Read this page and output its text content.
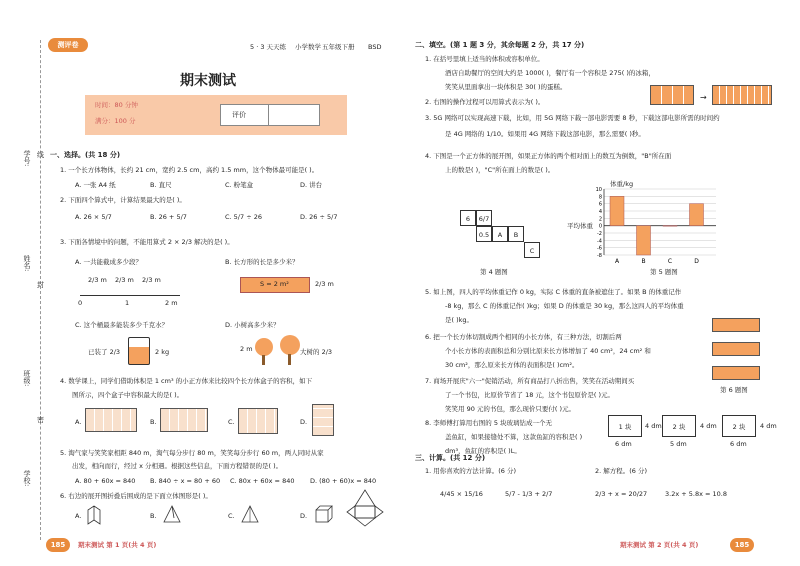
学号:
姓名:
班级:
学校:
线
封
密
测评卷	5 · 3 天天练 小学数学 五年级下册 BSD
期末测试
时间：80 分钟
满分：100 分
评价
一、选择。(共 18 分)
1. 一个长方体物体，长约 21 cm，宽约 2.5 cm，高约 1.5 mm，这个物体最可能是( )。
A. 一张 A4 纸	B. 直尺	C. 粉笔盒	D. 讲台
2. 下面四个算式中，计算结果最大的是( )。
A. 26 × 5/7	B. 26 + 5/7	C. 5/7 ÷ 26	D. 26 ÷ 5/7
3. 下面各情境中的问题，不能用算式 2 × 2/3 解决的是( )。
A. 一共能截成多少段？	B. 长方形的长是多少米？
2/3 m 2/3 m 2/3 m
0	1	2 m
S = 2 m²	2/3 m
C. 这个桶最多能装多少千克水？	D. 小树高多少米？
已装了 2/3	2 kg	2 m	大树的 2/3
4. 数学课上，同学们借助体积是 1 cm³ 的小正方体来比较四个长方体盒子的容积，如下
图所示，四个盒子中容积最大的是( )。
A.	B.	C.	D.
5. 淘气家与笑笑家相距 840 m，淘气每分步行 80 m，笑笑每分步行 60 m，两人同时从家
出发，相向而行，经过 x 分相遇。根据这些信息，下面方程错误的是( )。
A. 80 + 60x = 840 B. 840 ÷ x = 80 + 60 C. 80x + 60x = 840 D. (80 + 60)x = 840
6. 右边的展开图折叠后围成的是下面立体图形是( )。
A.	B.	C.	D.
185	期末测试 第 1 页(共 4 页)
二、填空。(第 1 题 3 分，其余每题 2 分，共 17 分)
1. 在括号里填上适当的体积或容积单位。
酒店自助餐厅的空间大约是 1000( )，餐厅有一个容积是 275( )的冰箱，
笑笑从里面拿出一块体积是 30( )的蛋糕。
2. 右图的操作过程可以用算式表示为( )。	→
3. 5G 网络可以实现高速下载，比如，用 5G 网络下载一部电影需要 8 秒，下载这部电影所需的时间约
是 4G 网络的 1/10。如果用 4G 网络下载这部电影，那么需要( )秒。
4. 下图是一个正方体的展开图，如果正方体的两个相对面上的数互为倒数，"B"所在面
上的数是( )，"C"所在面上的数是( )。
6	6/7
0.5	A	B
C
第 4 题图
体重/kg
平均体重
10
8
6
4
2
0
-2
-4
-6
-8
A	B	C	D
第 5 题图
5. 如上图，四人的平均体重记作 0 kg，实际 C 体重的直条被遮住了。如果 B 的体重记作
-8 kg，那么 C 的体重记作( )kg；如果 D 的体重是 30 kg，那么这四人的平均体重
是( )kg。
6. 把一个长方体切割成两个相同的小长方体，有三种方法，切割后两
个小长方体的表面积总和分别比原来长方体增加了 40 cm²，24 cm² 和
30 cm²，那么原来长方体的表面积是( )cm²。
第 6 题图
7. 商场开展庆"六一"促销活动，所有商品打八折出售，笑笑在活动期间买
了一个书包，比原价节省了 18 元，这个书包原价是( )元。
笑笑用 90 元的书包，那么现价只要付( )元。
8. 李师傅打算用右图的 5 块玻璃钻成一个无
盖鱼缸，如果接缝处不算，这款鱼缸的容积是( )
dm³，鱼缸的容积是( )L。
1 块	2 块	2 块
6 dm
4 dm
5 dm
4 dm
6 dm
4 dm
三、计算。(共 12 分)
1. 用你喜欢的方法计算。(6 分)	2. 解方程。(6 分)
4/45 × 15/16	5/7 - 1/3 + 2/7	2/3 + x = 20/27	3.2x + 5.8x = 10.8
期末测试 第 2 页(共 4 页)	185
